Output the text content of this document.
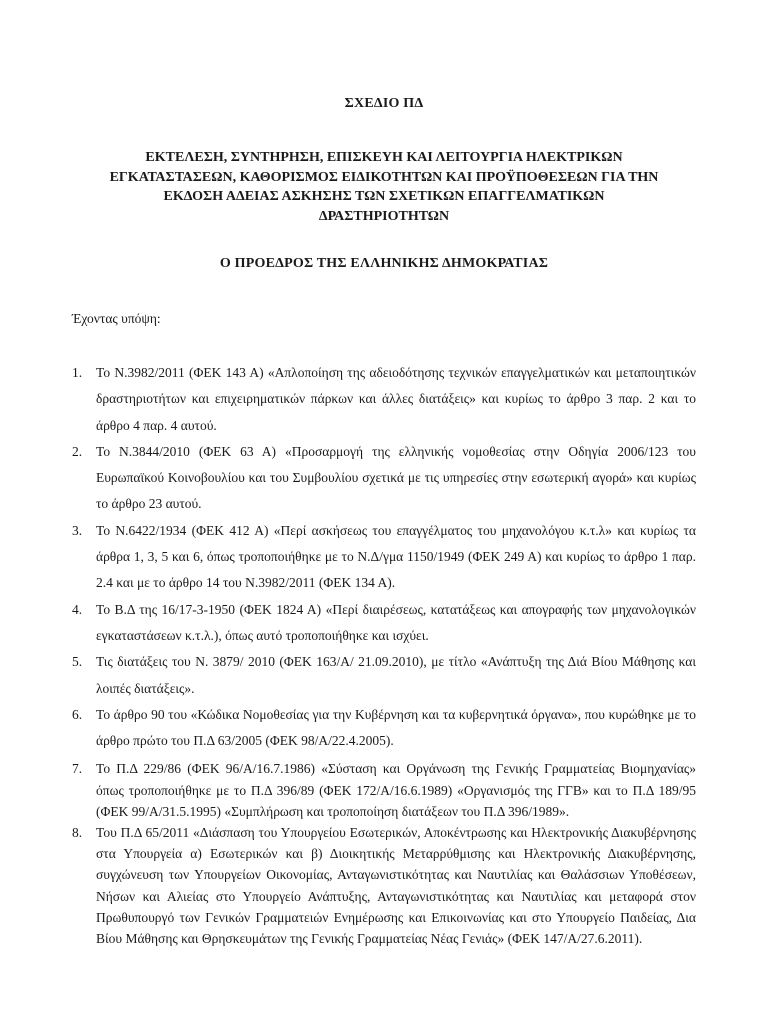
ΣΧΕΔΙΟ ΠΔ
ΕΚΤΕΛΕΣΗ, ΣΥΝΤΗΡΗΣΗ, ΕΠΙΣΚΕΥΗ ΚΑΙ ΛΕΙΤΟΥΡΓΙΑ ΗΛΕΚΤΡΙΚΩΝ
ΕΓΚΑΤΑΣΤΑΣΕΩΝ, ΚΑΘΟΡΙΣΜΟΣ ΕΙΔΙΚΟΤΗΤΩΝ ΚΑΙ ΠΡΟΫΠΟΘΕΣΕΩΝ ΓΙΑ ΤΗΝ
ΕΚΔΟΣΗ ΑΔΕΙΑΣ ΑΣΚΗΣΗΣ ΤΩΝ ΣΧΕΤΙΚΩΝ ΕΠΑΓΓΕΛΜΑΤΙΚΩΝ
ΔΡΑΣΤΗΡΙΟΤΗΤΩΝ
Ο ΠΡΟΕΔΡΟΣ ΤΗΣ ΕΛΛΗΝΙΚΗΣ ΔΗΜΟΚΡΑΤΙΑΣ
Έχοντας υπόψη:
1. Το Ν.3982/2011 (ΦΕΚ 143 Α) «Απλοποίηση της αδειοδότησης τεχνικών επαγγελματικών και μεταποιητικών δραστηριοτήτων και επιχειρηματικών πάρκων και άλλες διατάξεις» και κυρίως το άρθρο 3 παρ. 2 και το άρθρο 4 παρ. 4 αυτού.
2. Το Ν.3844/2010 (ΦΕΚ 63 Α) «Προσαρμογή της ελληνικής νομοθεσίας στην Οδηγία 2006/123 του Ευρωπαϊκού Κοινοβουλίου και του Συμβουλίου σχετικά με τις υπηρεσίες στην εσωτερική αγορά» και κυρίως το άρθρο 23 αυτού.
3. Το Ν.6422/1934 (ΦΕΚ 412 Α) «Περί ασκήσεως του επαγγέλματος του μηχανολόγου κ.τ.λ» και κυρίως τα άρθρα 1, 3, 5 και 6, όπως τροποποιήθηκε με το Ν.Δ/γμα 1150/1949 (ΦΕΚ 249 Α) και κυρίως το άρθρο 1 παρ. 2.4 και με το άρθρο 14 του Ν.3982/2011 (ΦΕΚ 134 Α).
4. Το Β.Δ της 16/17-3-1950 (ΦΕΚ 1824 Α) «Περί διαιρέσεως, κατατάξεως και απογραφής των μηχανολογικών εγκαταστάσεων κ.τ.λ.), όπως αυτό τροποποιήθηκε και ισχύει.
5. Τις διατάξεις του Ν. 3879/ 2010 (ΦΕΚ 163/Α/ 21.09.2010), με τίτλο «Ανάπτυξη της Διά Βίου Μάθησης και λοιπές διατάξεις».
6. Το άρθρο 90 του «Κώδικα Νομοθεσίας για την Κυβέρνηση και τα κυβερνητικά όργανα», που κυρώθηκε με το άρθρο πρώτο του Π.Δ 63/2005 (ΦΕΚ 98/Α/22.4.2005).
7. Το Π.Δ 229/86 (ΦΕΚ 96/Α/16.7.1986) «Σύσταση και Οργάνωση της Γενικής Γραμματείας Βιομηχανίας» όπως τροποποιήθηκε με το Π.Δ 396/89 (ΦΕΚ 172/Α/16.6.1989) «Οργανισμός της ΓΓΒ» και το Π.Δ 189/95 (ΦΕΚ 99/Α/31.5.1995) «Συμπλήρωση και τροποποίηση διατάξεων του Π.Δ 396/1989».
8. Του Π.Δ 65/2011 «Διάσπαση του Υπουργείου Εσωτερικών, Αποκέντρωσης και Ηλεκτρονικής Διακυβέρνησης στα Υπουργεία α) Εσωτερικών και β) Διοικητικής Μεταρρύθμισης και Ηλεκτρονικής Διακυβέρνησης, συγχώνευση των Υπουργείων Οικονομίας, Ανταγωνιστικότητας και Ναυτιλίας και Θαλάσσιων Υποθέσεων, Νήσων και Αλιείας στο Υπουργείο Ανάπτυξης, Ανταγωνιστικότητας και Ναυτιλίας και μεταφορά στον Πρωθυπουργό των Γενικών Γραμματειών Ενημέρωσης και Επικοινωνίας και στο Υπουργείο Παιδείας, Δια Βίου Μάθησης και Θρησκευμάτων της Γενικής Γραμματείας Νέας Γενιάς» (ΦΕΚ 147/Α/27.6.2011).
